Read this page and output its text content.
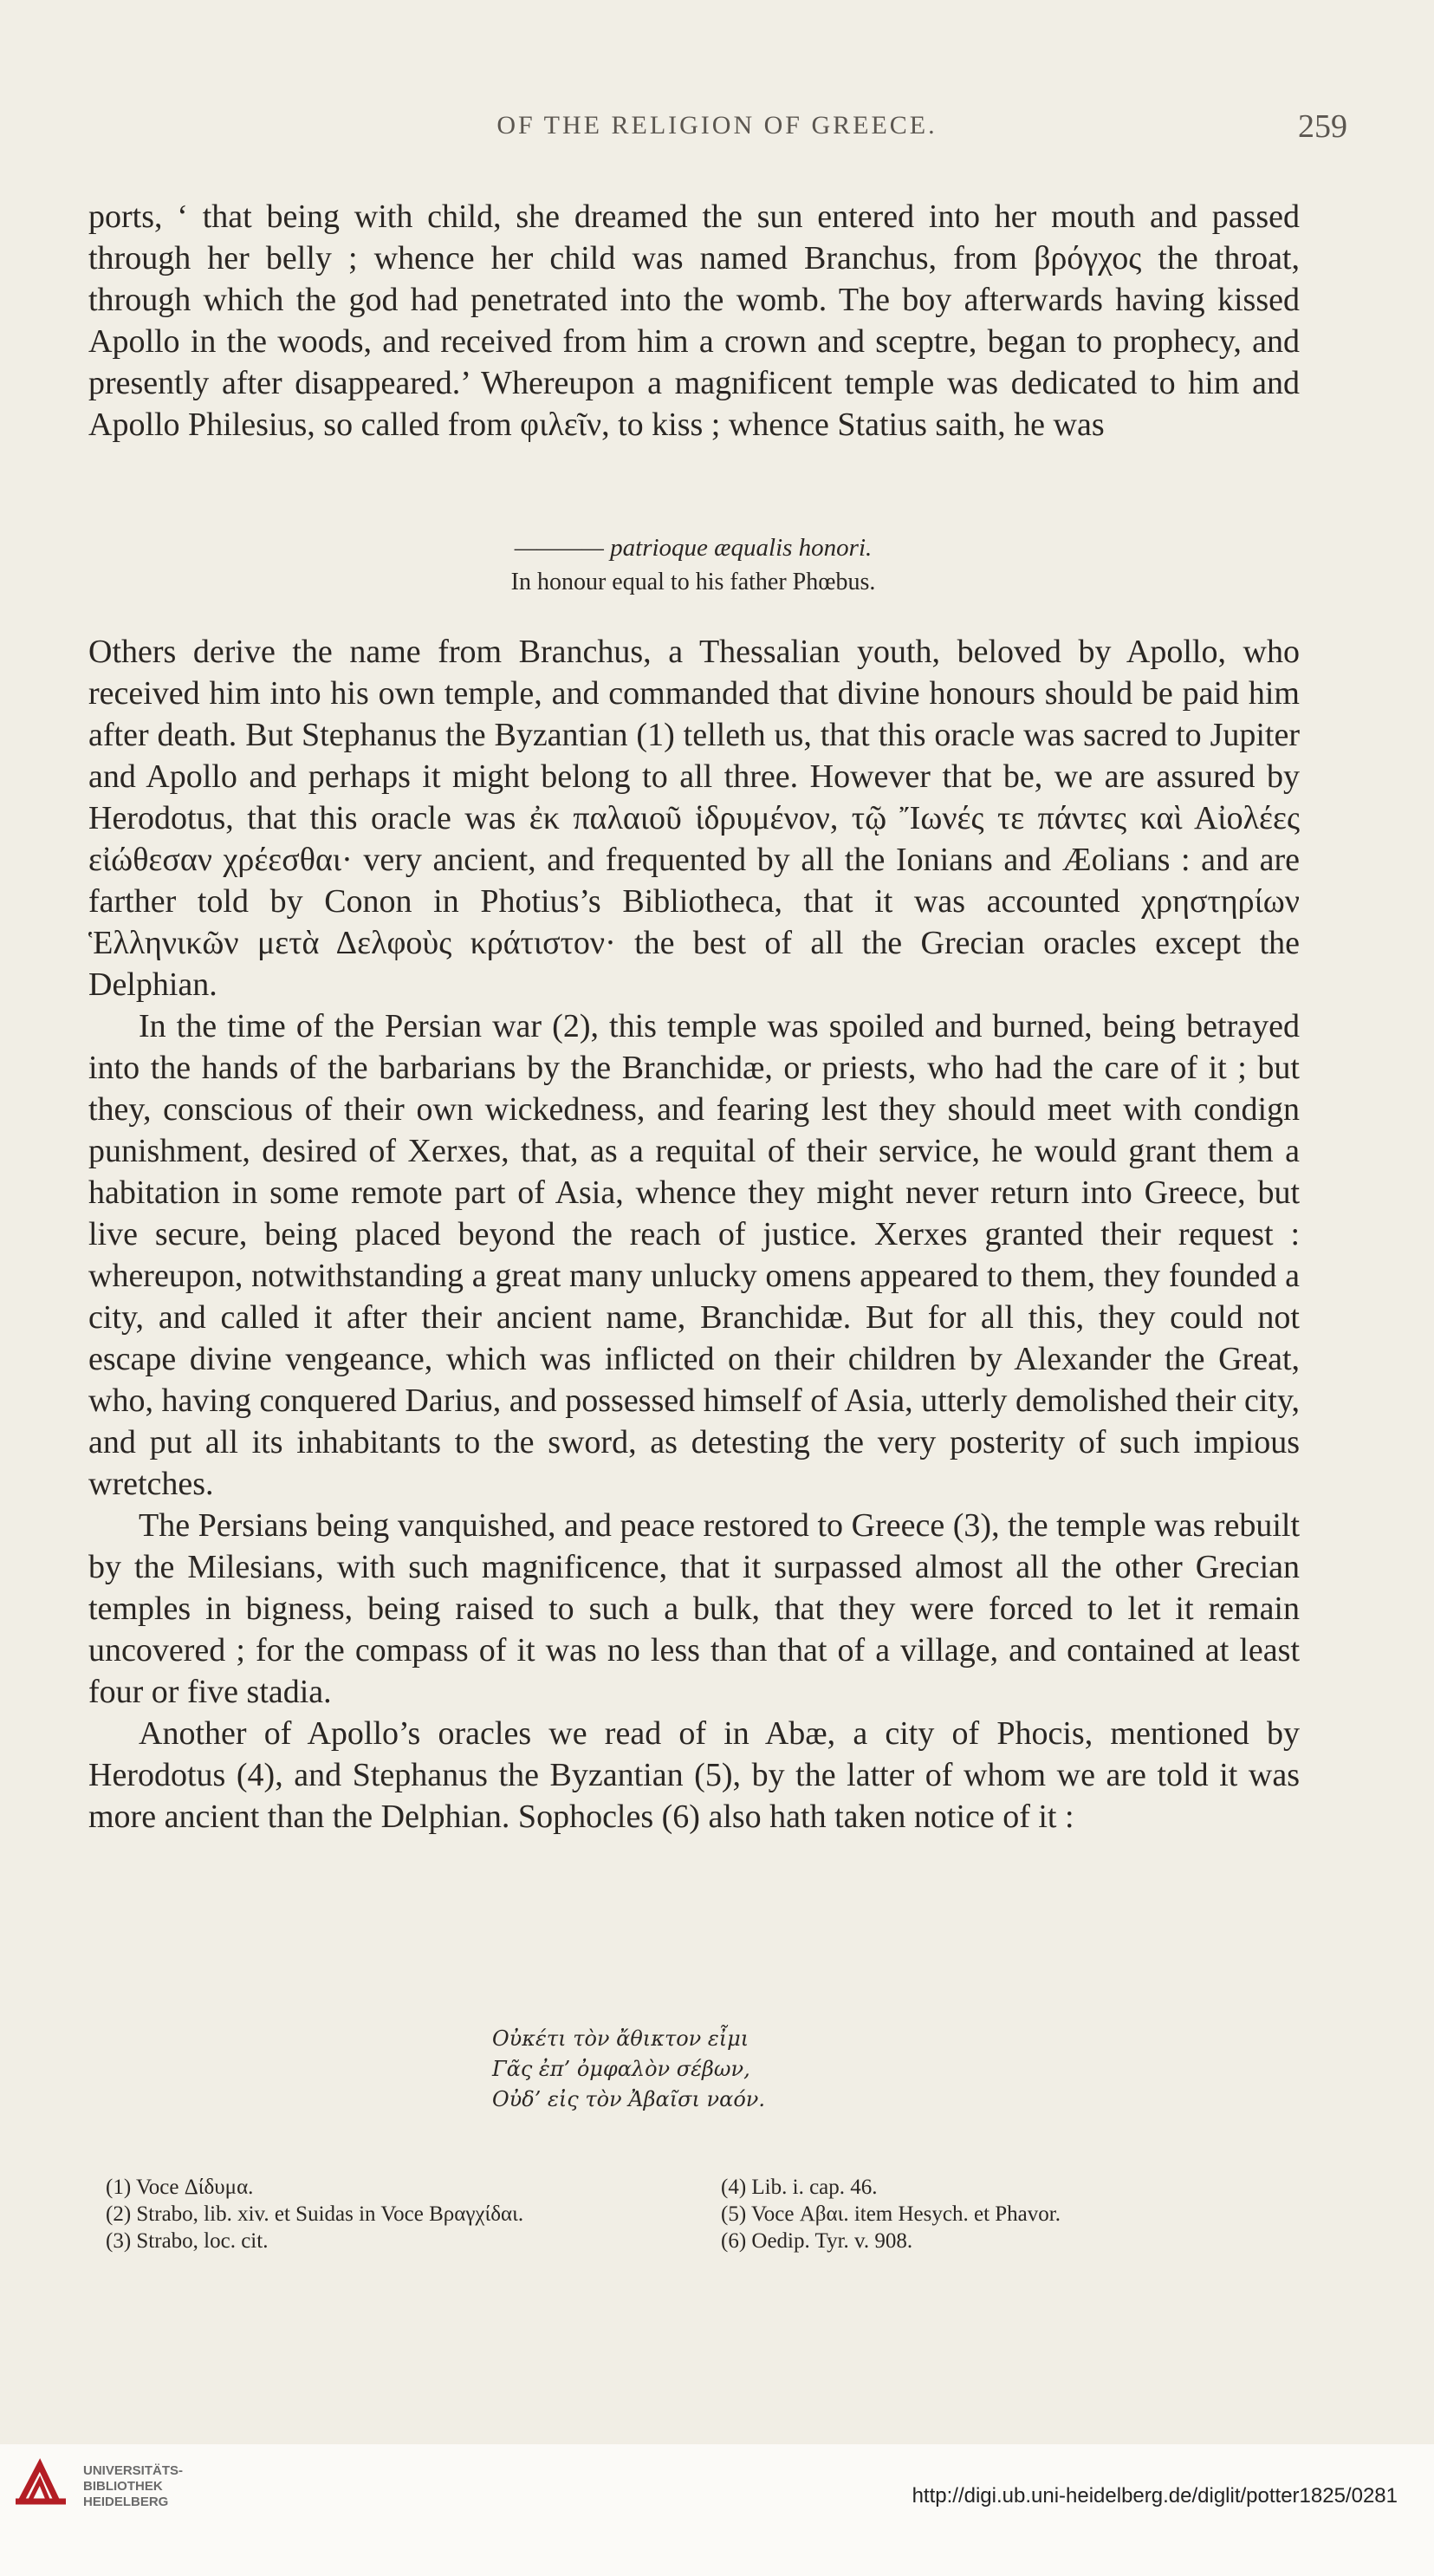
OF THE RELIGION OF GREECE.	259

ports, ‘ that being with child, she dreamed the sun entered into her mouth and passed through her belly ; whence her child was named Branchus, from βρόγχος the throat, through which the god had penetrated into the womb. The boy afterwards having kissed Apollo in the woods, and received from him a crown and sceptre, began to prophecy, and presently after disappeared.’ Whereupon a magnificent temple was dedicated to him and Apollo Philesius, so called from φιλεῖν, to kiss ; whence Statius saith, he was

———— patrioque æqualis honori.
In honour equal to his father Phœbus.

Others derive the name from Branchus, a Thessalian youth, beloved by Apollo, who received him into his own temple, and commanded that divine honours should be paid him after death. But Stephanus the Byzantian (1) telleth us, that this oracle was sacred to Jupiter and Apollo and perhaps it might belong to all three. However that be, we are assured by Herodotus, that this oracle was ἐκ παλαιοῦ ἱδρυμένον, τῷ Ἴωνές τε πάντες καὶ Αἰολέες εἰώθεσαν χρέεσθαι· very ancient, and frequented by all the Ionians and Æolians : and are farther told by Conon in Photius’s Bibliotheca, that it was accounted χρηστηρίων Ἑλληνικῶν μετὰ Δελφοὺς κράτιστον· the best of all the Grecian oracles except the Delphian.

In the time of the Persian war (2), this temple was spoiled and burned, being betrayed into the hands of the barbarians by the Branchidæ, or priests, who had the care of it ; but they, conscious of their own wickedness, and fearing lest they should meet with condign punishment, desired of Xerxes, that, as a requital of their service, he would grant them a habitation in some remote part of Asia, whence they might never return into Greece, but live secure, being placed beyond the reach of justice. Xerxes granted their request : whereupon, notwithstanding a great many unlucky omens appeared to them, they founded a city, and called it after their ancient name, Branchidæ. But for all this, they could not escape divine vengeance, which was inflicted on their children by Alexander the Great, who, having conquered Darius, and possessed himself of Asia, utterly demolished their city, and put all its inhabitants to the sword, as detesting the very posterity of such impious wretches.

The Persians being vanquished, and peace restored to Greece (3), the temple was rebuilt by the Milesians, with such magnificence, that it surpassed almost all the other Grecian temples in bigness, being raised to such a bulk, that they were forced to let it remain uncovered ; for the compass of it was no less than that of a village, and contained at least four or five stadia.

Another of Apollo’s oracles we read of in Abæ, a city of Phocis, mentioned by Herodotus (4), and Stephanus the Byzantian (5), by the latter of whom we are told it was more ancient than the Delphian. Sophocles (6) also hath taken notice of it :

Οὐκέτι τὸν ἄθικτον εἶμι
Γᾶς ἐπ’ ὀμφαλὸν σέβων,
Οὐδ’ εἰς τὸν Ἀβαῖσι ναόν.
(1) Voce Δίδυμα.
(2) Strabo, lib. xiv. et Suidas in Voce Βραγχίδαι.
(3) Strabo, loc. cit.
(4) Lib. i. cap. 46.
(5) Voce Αβαι. item Hesych. et Phavor.
(6) Oedip. Tyr. v. 908.
UNIVERSITÄTS-
BIBLIOTHEK
HEIDELBERG	http://digi.ub.uni-heidelberg.de/diglit/potter1825/0281
